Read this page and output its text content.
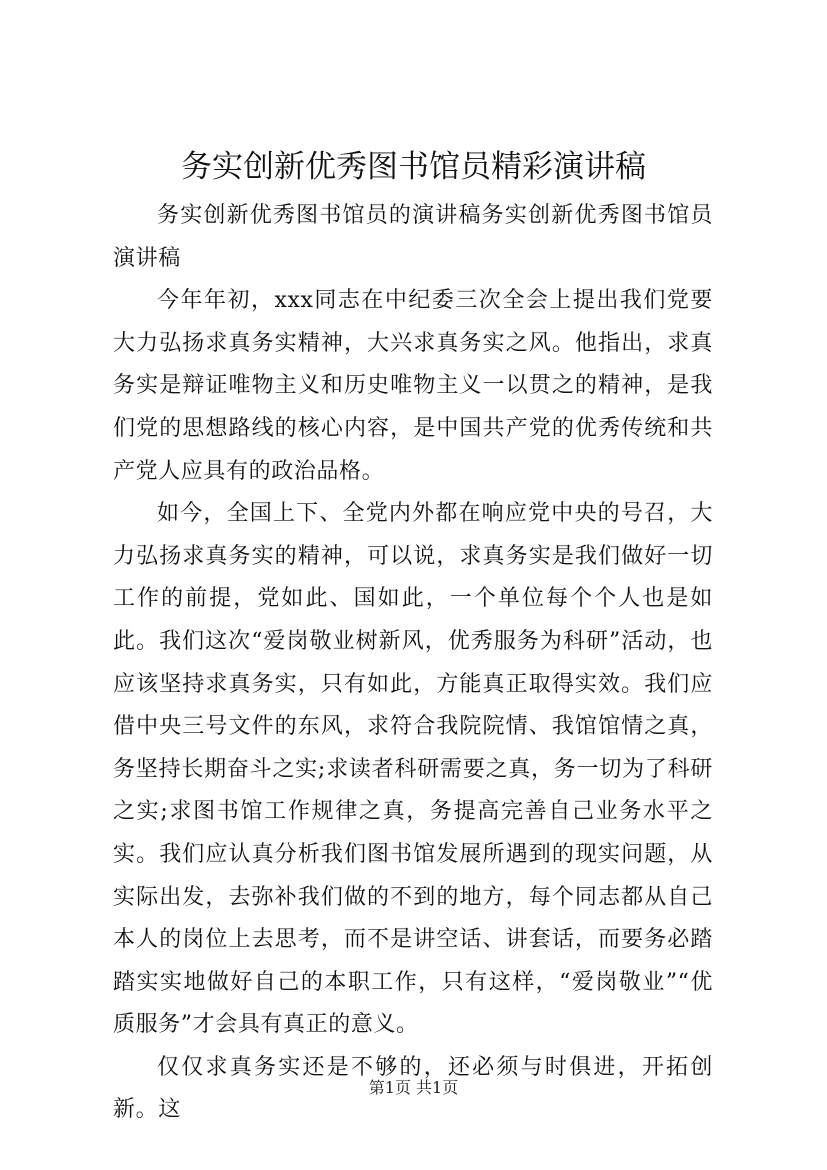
务实创新优秀图书馆员精彩演讲稿

务实创新优秀图书馆员的演讲稿务实创新优秀图书馆员演讲稿

今年年初，xxx同志在中纪委三次全会上提出我们党要大力弘扬求真务实精神，大兴求真务实之风。他指出，求真务实是辩证唯物主义和历史唯物主义一以贯之的精神，是我们党的思想路线的核心内容，是中国共产党的优秀传统和共产党人应具有的政治品格。

如今，全国上下、全党内外都在响应党中央的号召，大力弘扬求真务实的精神，可以说，求真务实是我们做好一切工作的前提，党如此、国如此，一个单位每个个人也是如此。我们这次“爱岗敬业树新风，优秀服务为科研”活动，也应该坚持求真务实，只有如此，方能真正取得实效。我们应借中央三号文件的东风，求符合我院院情、我馆馆情之真，务坚持长期奋斗之实;求读者科研需要之真，务一切为了科研之实;求图书馆工作规律之真，务提高完善自己业务水平之实。我们应认真分析我们图书馆发展所遇到的现实问题，从实际出发，去弥补我们做的不到的地方，每个同志都从自己本人的岗位上去思考，而不是讲空话、讲套话，而要务必踏踏实实地做好自己的本职工作，只有这样，“爱岗敬业”“优质服务”才会具有真正的意义。

仅仅求真务实还是不够的，还必须与时俱进，开拓创新。这

第1页 共1页
